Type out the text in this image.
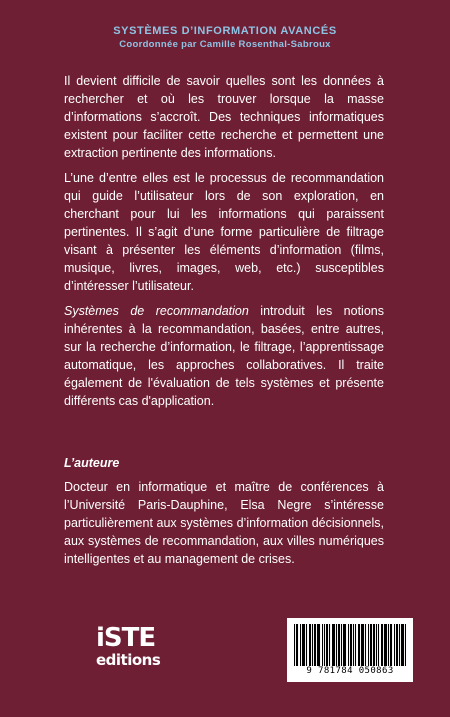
SYSTÈMES D’INFORMATION AVANCÉS
Coordonnée par Camille Rosenthal-Sabroux

Il devient difficile de savoir quelles sont les données à rechercher et où les trouver lorsque la masse d’informations s’accroît. Des techniques informatiques existent pour faciliter cette recherche et permettent une extraction pertinente des informations.

L’une d’entre elles est le processus de recommandation qui guide l’utilisateur lors de son exploration, en cherchant pour lui les informations qui paraissent pertinentes. Il s’agit d’une forme particulière de filtrage visant à présenter les éléments d’information (films, musique, livres, images, web, etc.) susceptibles d’intéresser l’utilisateur.

Systèmes de recommandation introduit les notions inhérentes à la recommandation, basées, entre autres, sur la recherche d’information, le filtrage, l’apprentissage automatique, les approches collaboratives. Il traite également de l'évaluation de tels systèmes et présente différents cas d'application.

L’auteure
Docteur en informatique et maître de conférences à l’Université Paris-Dauphine, Elsa Negre s’intéresse particulièrement aux systèmes d’information décisionnels, aux systèmes de recommandation, aux villes numériques intelligentes et au management de crises.
iSTE
editions
9 781784 050863
